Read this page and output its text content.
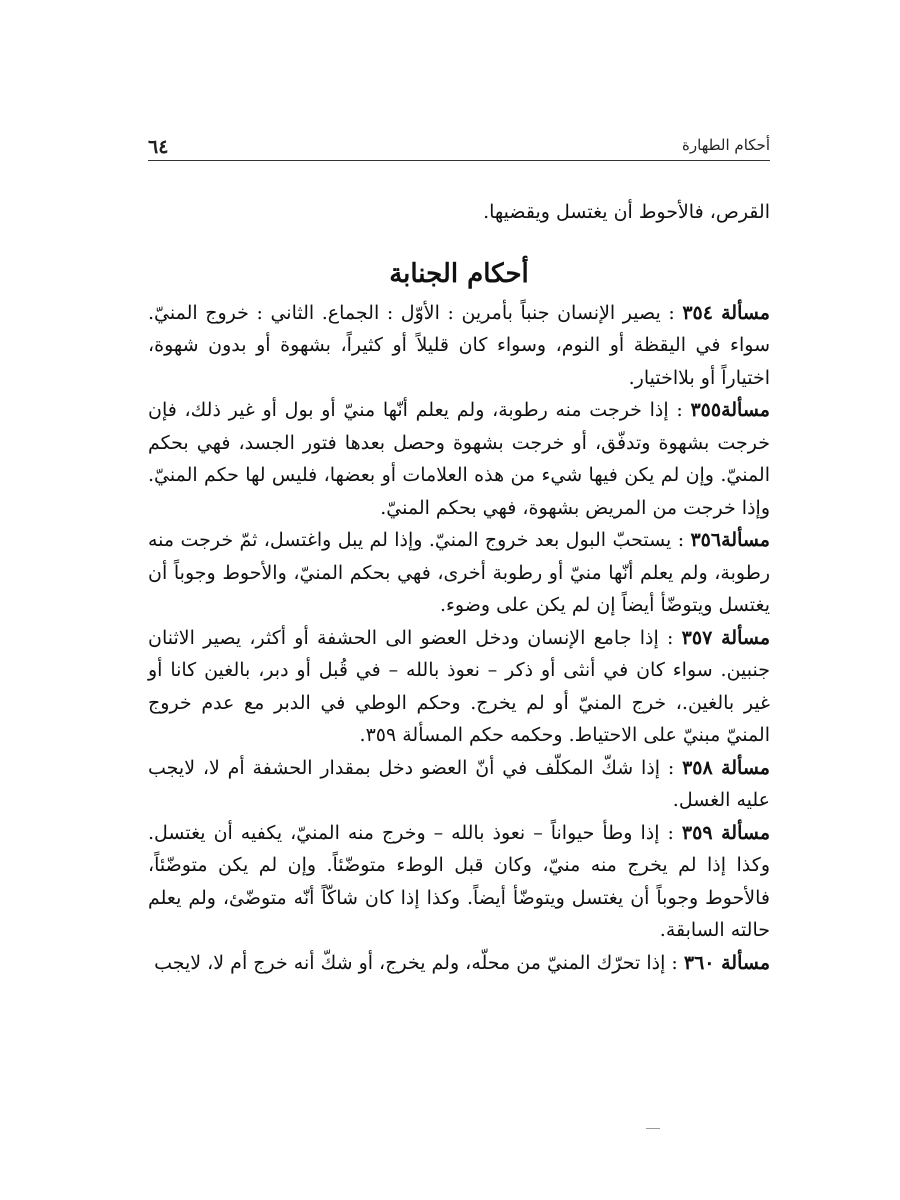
أحكام الطهارة
٦٤
القرص، فالأحوط أن يغتسل ويقضيها.
أحكام الجنابة

مسألة ٣٥٤ : يصير الإنسان جنباً بأمرين : الأوّل : الجماع. الثاني : خروج المنيّ. سواء في اليقظة أو النوم، وسواء كان قليلاً أو كثيراً، بشهوة أو بدون شهوة، اختياراً أو بلااختيار.

مسألة٣٥٥ : إذا خرجت منه رطوبة، ولم يعلم أنّها منيّ أو بول أو غير ذلك، فإن خرجت بشهوة وتدفّق، أو خرجت بشهوة وحصل بعدها فتور الجسد، فهي بحكم المنيّ. وإن لم يكن فيها شيء من هذه العلامات أو بعضها، فليس لها حكم المنيّ. وإذا خرجت من المريض بشهوة، فهي بحكم المنيّ.

مسألة٣٥٦ : يستحبّ البول بعد خروج المنيّ. وإذا لم يبل واغتسل، ثمّ خرجت منه رطوبة، ولم يعلم أنّها منيّ أو رطوبة أخرى، فهي بحكم المنيّ، والأحوط وجوباً أن يغتسل ويتوضّأ أيضاً إن لم يكن على وضوء.

مسألة ٣٥٧ : إذا جامع الإنسان ودخل العضو الى الحشفة أو أكثر، يصير الاثنان جنبين. سواء كان في أنثى أو ذكر – نعوذ بالله – في قُبل أو دبر، بالغين كانا أو غير بالغين.، خرج المنيّ أو لم يخرج. وحكم الوطي في الدبر مع عدم خروج المنيّ مبنيّ على الاحتياط. وحكمه حكم المسألة ٣٥٩.

مسألة ٣٥٨ : إذا شكّ المكلّف في أنّ العضو دخل بمقدار الحشفة أم لا، لايجب عليه الغسل.

مسألة ٣٥٩ : إذا وطأ حيواناً – نعوذ بالله – وخرج منه المنيّ، يكفيه أن يغتسل. وكذا إذا لم يخرج منه منيّ، وكان قبل الوطء متوضّئاً. وإن لم يكن متوضّئاً، فالأحوط وجوباً أن يغتسل ويتوضّأ أيضاً. وكذا إذا كان شاكّاً أنّه متوضّئ، ولم يعلم حالته السابقة.

مسألة ٣٦٠ : إذا تحرّك المنيّ من محلّه، ولم يخرج، أو شكّ أنه خرج أم لا، لايجب
